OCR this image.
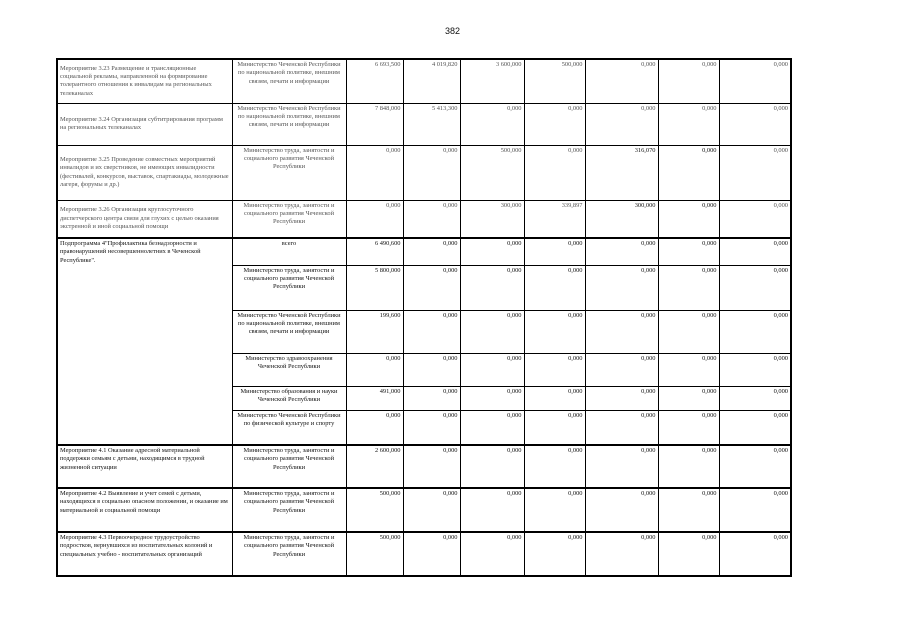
382
Мероприятие 3.23 Размещение и трансляционные социальной рекламы, направленной на формирование толерантного отношения к инвалидам на региональных телеканалах	Министерство Чеченской Республики по национальной политике, внешним связям, печати и информации	6 693,500	4 019,820	3 600,000	500,000	0,000	0,000	0,000
Мероприятие 3.24 Организация субтитрирования программ на региональных телеканалах	Министерство Чеченской Республики по национальной политике, внешним связям, печати и информации	7 848,000	5 413,300	0,000	0,000	0,000	0,000	0,000
Мероприятие 3.25 Проведение совместных мероприятий инвалидов и их сверстников, не имеющих инвалидности (фестивалей, конкурсов, выставок, спартакиады, молодежные лагеря, форумы и др.)	Министерство труда, занятости и социального развития Чеченской Республики	0,000	0,000	500,000	0,000	316,070	0,000	0,000
Мероприятие 3.26 Организация круглосуточного диспетчерского центра связи для глухих с целью оказания экстренной и иной социальной помощи	Министерство труда, занятости и социального развития Чеченской Республики	0,000	0,000	300,000	339,897	300,000	0,000	0,000
Подпрограмма 4"Профилактика безнадзорности и правонарушений несовершеннолетних в Чеченской Республике".	всего	6 490,600	0,000	0,000	0,000	0,000	0,000	0,000
	Министерство труда, занятости и социального развития Чеченской Республики	5 800,000	0,000	0,000	0,000	0,000	0,000	0,000
	Министерство Чеченской Республики по национальной политике, внешним связям, печати и информации	199,600	0,000	0,000	0,000	0,000	0,000	0,000
	Министерство здравоохранения Чеченской Республики	0,000	0,000	0,000	0,000	0,000	0,000	0,000
	Министерство образования и науки Чеченской Республики	491,000	0,000	0,000	0,000	0,000	0,000	0,000
	Министерство Чеченской Республики по физической культуре и спорту	0,000	0,000	0,000	0,000	0,000	0,000	0,000
Мероприятие 4.1 Оказание адресной материальной поддержки семьям с детьми, находящимся в трудной жизненной ситуации	Министерство труда, занятости и социального развития Чеченской Республики	2 600,000	0,000	0,000	0,000	0,000	0,000	0,000
Мероприятие 4.2 Выявление и учет семей с детьми, находящихся в социально опасном положении, и оказание им материальной и социальной помощи	Министерство труда, занятости и социального развития Чеченской Республики	500,000	0,000	0,000	0,000	0,000	0,000	0,000
Мероприятие 4.3 Первоочередное трудоустройство подростков, вернувшихся из воспитательных колоний и специальных учебно - воспитательных организаций	Министерство труда, занятости и социального развития Чеченской Республики	500,000	0,000	0,000	0,000	0,000	0,000	0,000
